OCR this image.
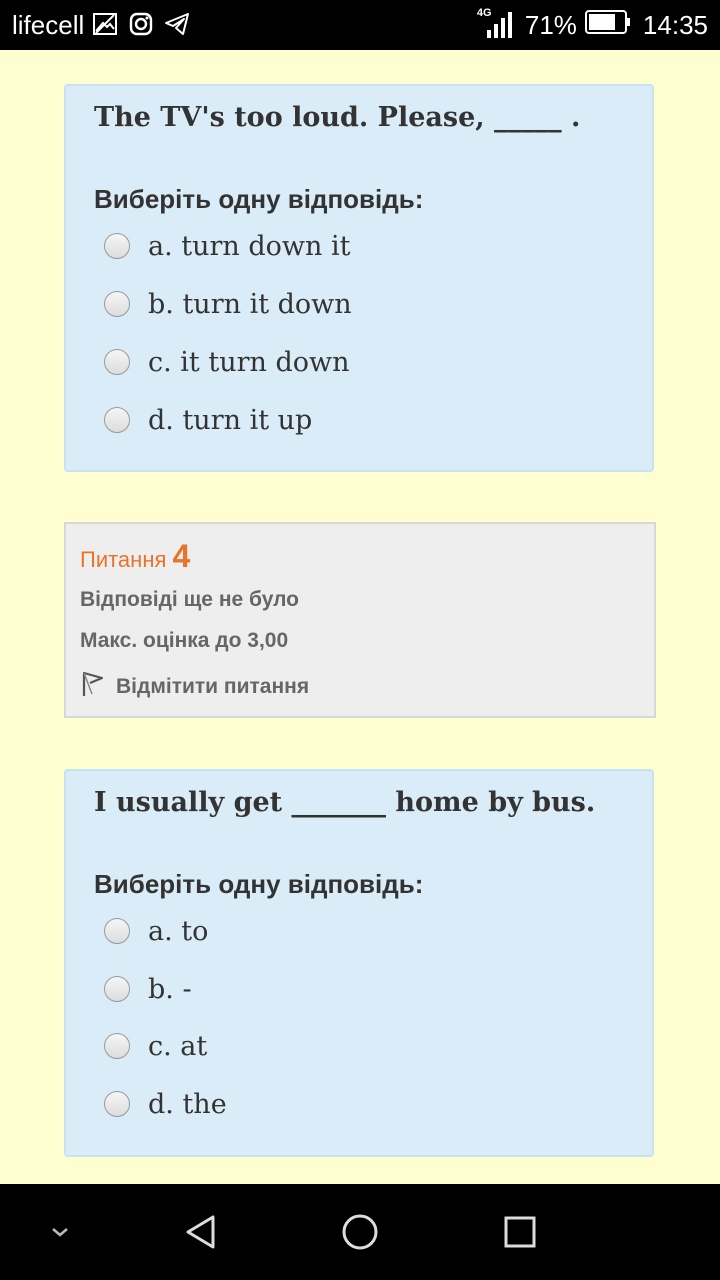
lifecell	4G 71%	14:35
The TV's too loud. Please, _____ .
Виберіть одну відповідь:
a. turn down it
b. turn it down
c. it turn down
d. turn it up
Питання 4
Відповіді ще не було
Макс. оцінка до 3,00
Відмітити питання
I usually get _______ home by bus.
Виберіть одну відповідь:
a. to
b. -
c. at
d. the
